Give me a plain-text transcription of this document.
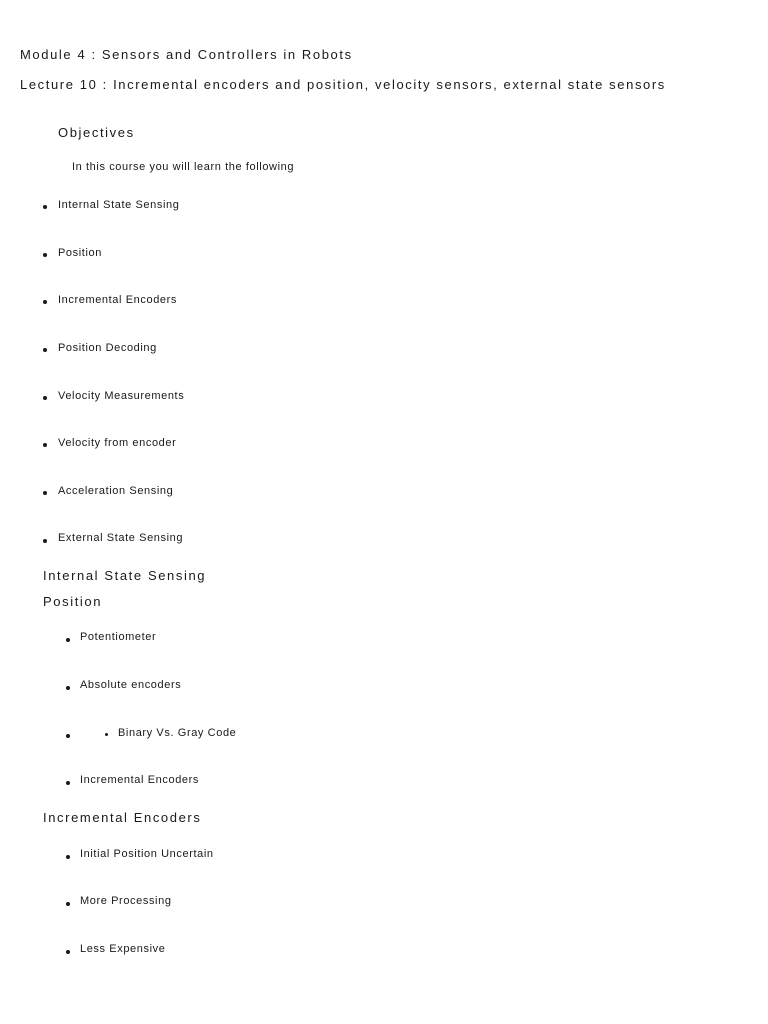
Module 4 : Sensors and Controllers in Robots
Lecture 10 : Incremental encoders and position, velocity sensors, external state sensors
Objectives
In this course you will learn the following
Internal State Sensing
Position
Incremental Encoders
Position Decoding
Velocity Measurements
Velocity from encoder
Acceleration Sensing
External State Sensing
Internal State Sensing
Position
Potentiometer
Absolute encoders
Binary Vs. Gray Code
Incremental Encoders
Incremental Encoders
Initial Position Uncertain
More Processing
Less Expensive
